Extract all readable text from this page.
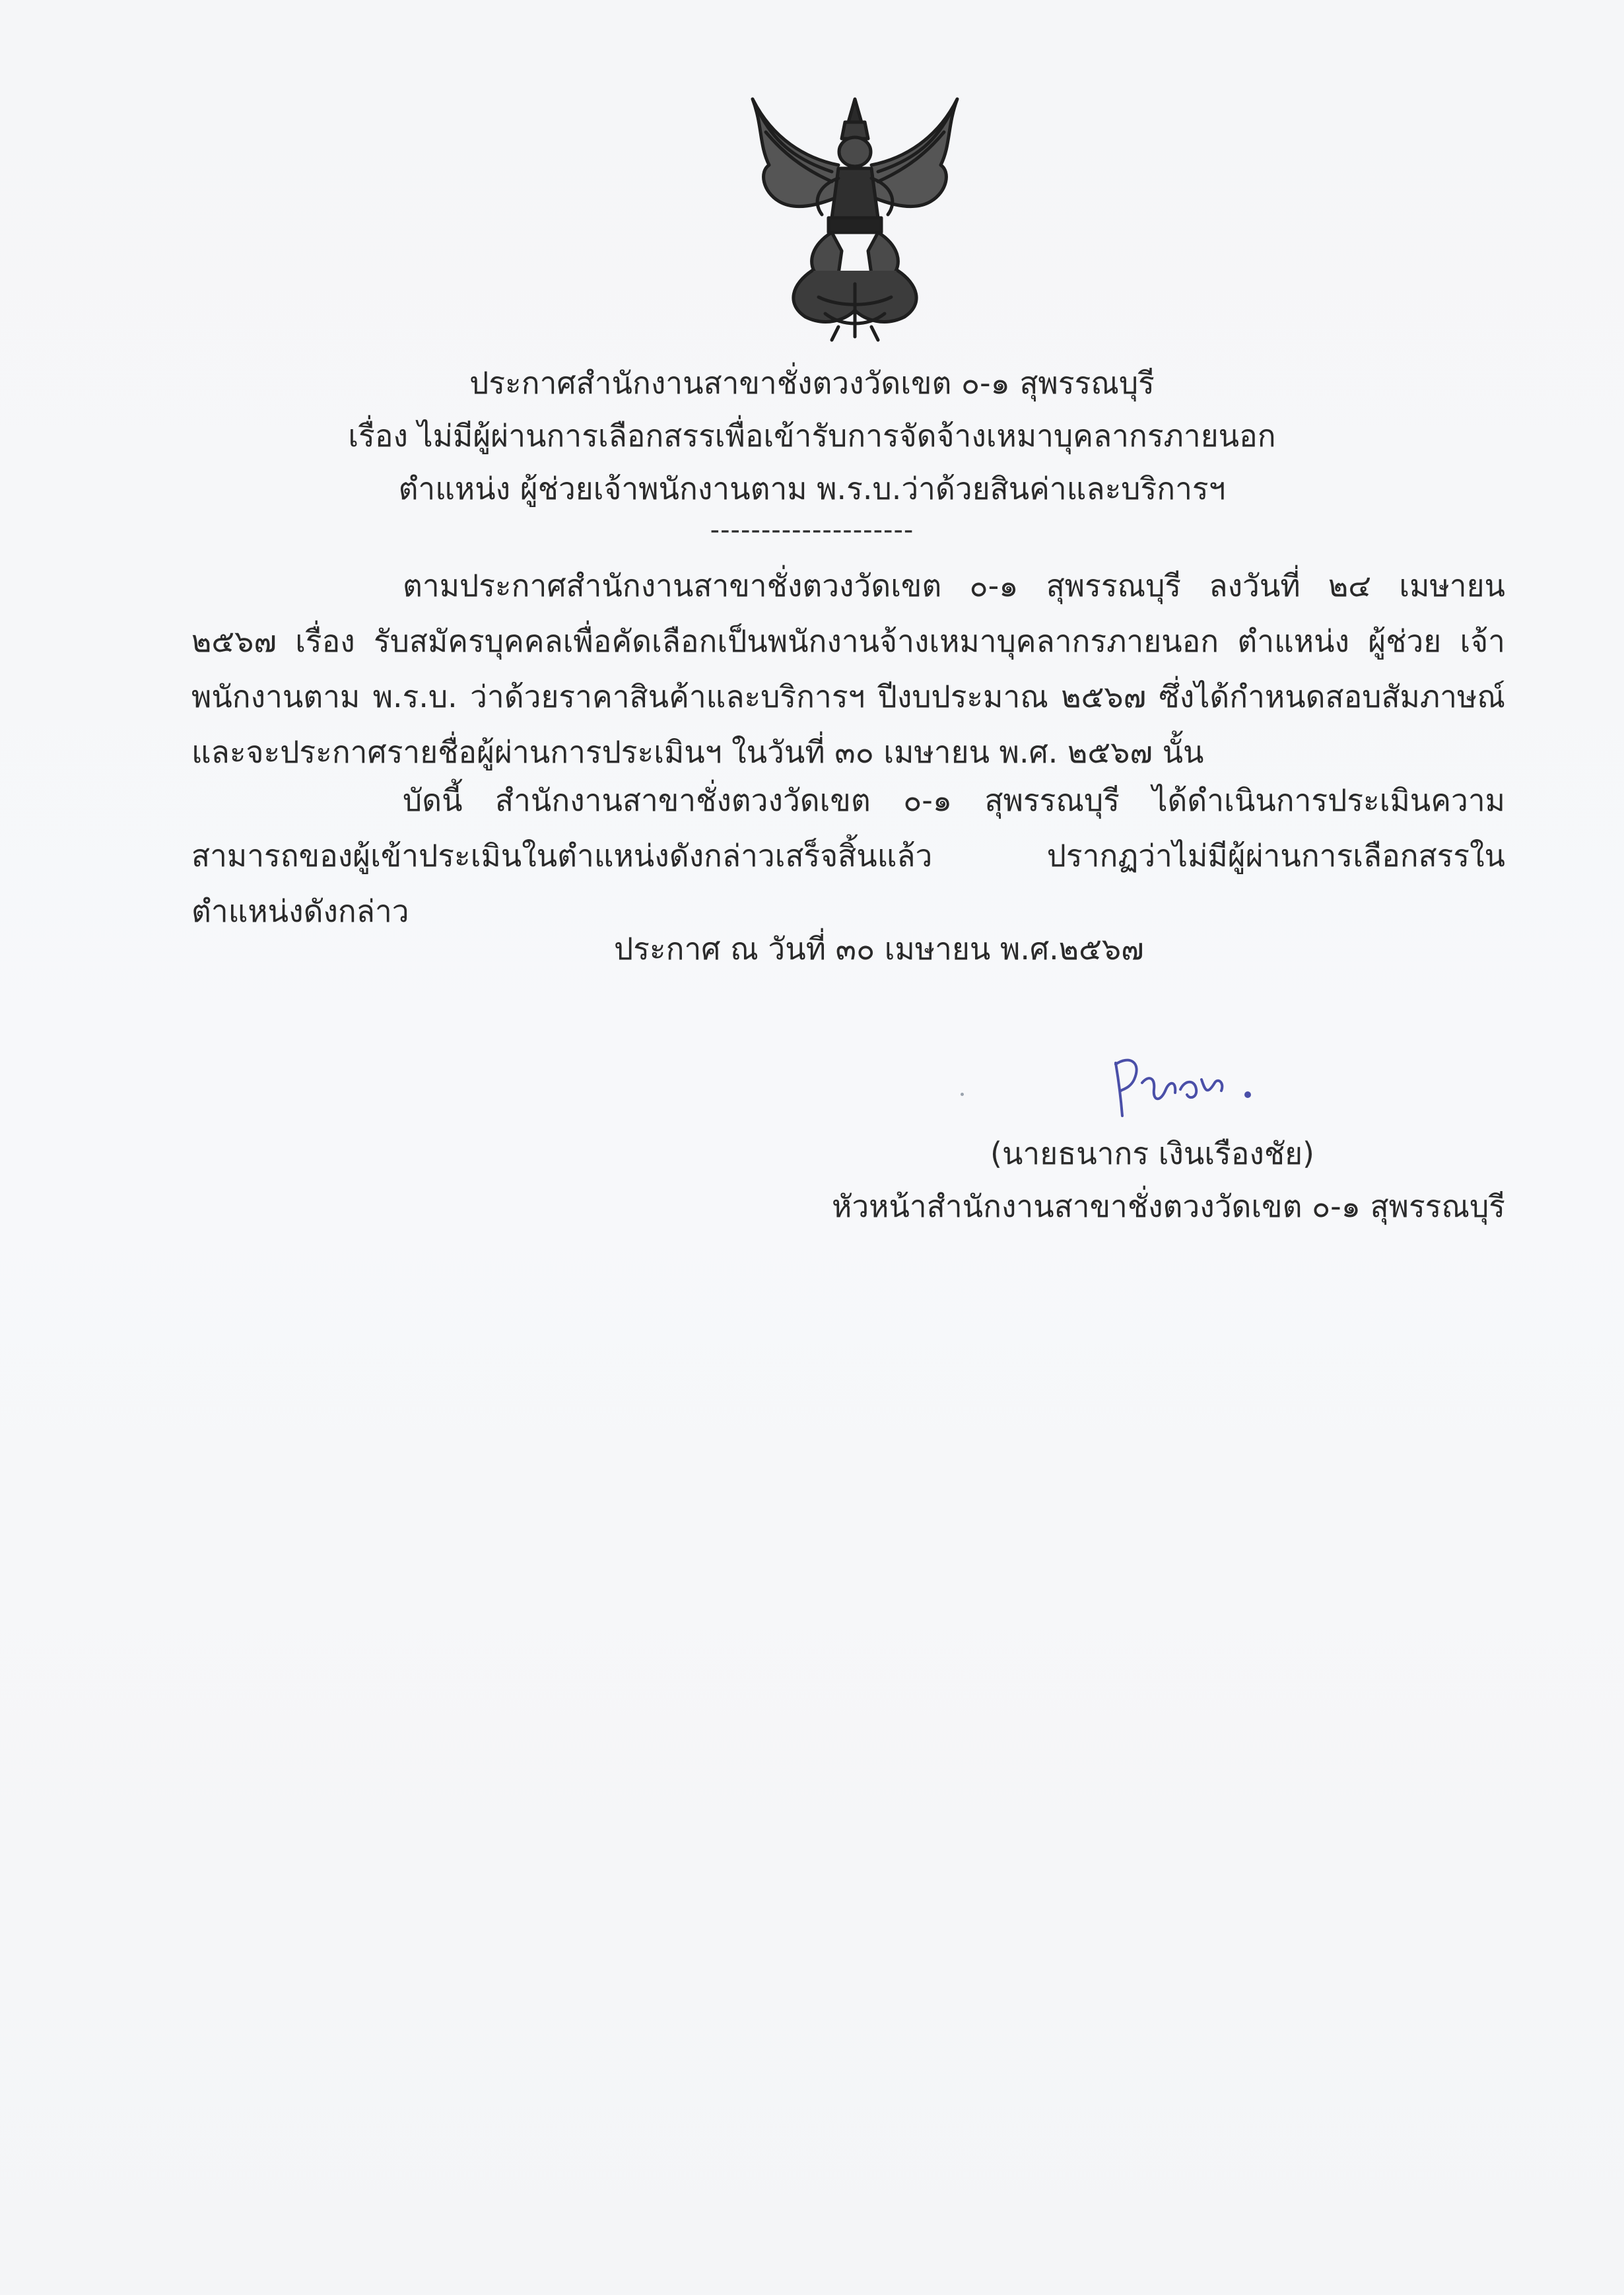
ประกาศสำนักงานสาขาชั่งตวงวัดเขต ๐-๑ สุพรรณบุรี
เรื่อง ไม่มีผู้ผ่านการเลือกสรรเพื่อเข้ารับการจัดจ้างเหมาบุคลากรภายนอก
ตำแหน่ง ผู้ช่วยเจ้าพนักงานตาม พ.ร.บ.ว่าด้วยสินค่าและบริการฯ
--------------------
ตามประกาศสำนักงานสาขาชั่งตวงวัดเขต ๐-๑ สุพรรณบุรี ลงวันที่ ๒๔ เมษายน ๒๕๖๗ เรื่อง รับสมัครบุคคลเพื่อคัดเลือกเป็นพนักงานจ้างเหมาบุคลากรภายนอก ตำแหน่ง ผู้ช่วย เจ้าพนักงานตาม พ.ร.บ. ว่าด้วยราคาสินค้าและบริการฯ ปีงบประมาณ ๒๕๖๗ ซึ่งได้กำหนดสอบสัมภาษณ์ และจะประกาศรายชื่อผู้ผ่านการประเมินฯ ในวันที่ ๓๐ เมษายน พ.ศ. ๒๕๖๗ นั้น
บัดนี้ สำนักงานสาขาชั่งตวงวัดเขต ๐-๑ สุพรรณบุรี ได้ดำเนินการประเมินความสามารถของผู้เข้าประเมินในตำแหน่งดังกล่าวเสร็จสิ้นแล้ว ปรากฏว่าไม่มีผู้ผ่านการเลือกสรรในตำแหน่งดังกล่าว
ประกาศ ณ วันที่ ๓๐ เมษายน พ.ศ.๒๕๖๗
(นายธนากร เงินเรืองชัย)
หัวหน้าสำนักงานสาขาชั่งตวงวัดเขต ๐-๑ สุพรรณบุรี
